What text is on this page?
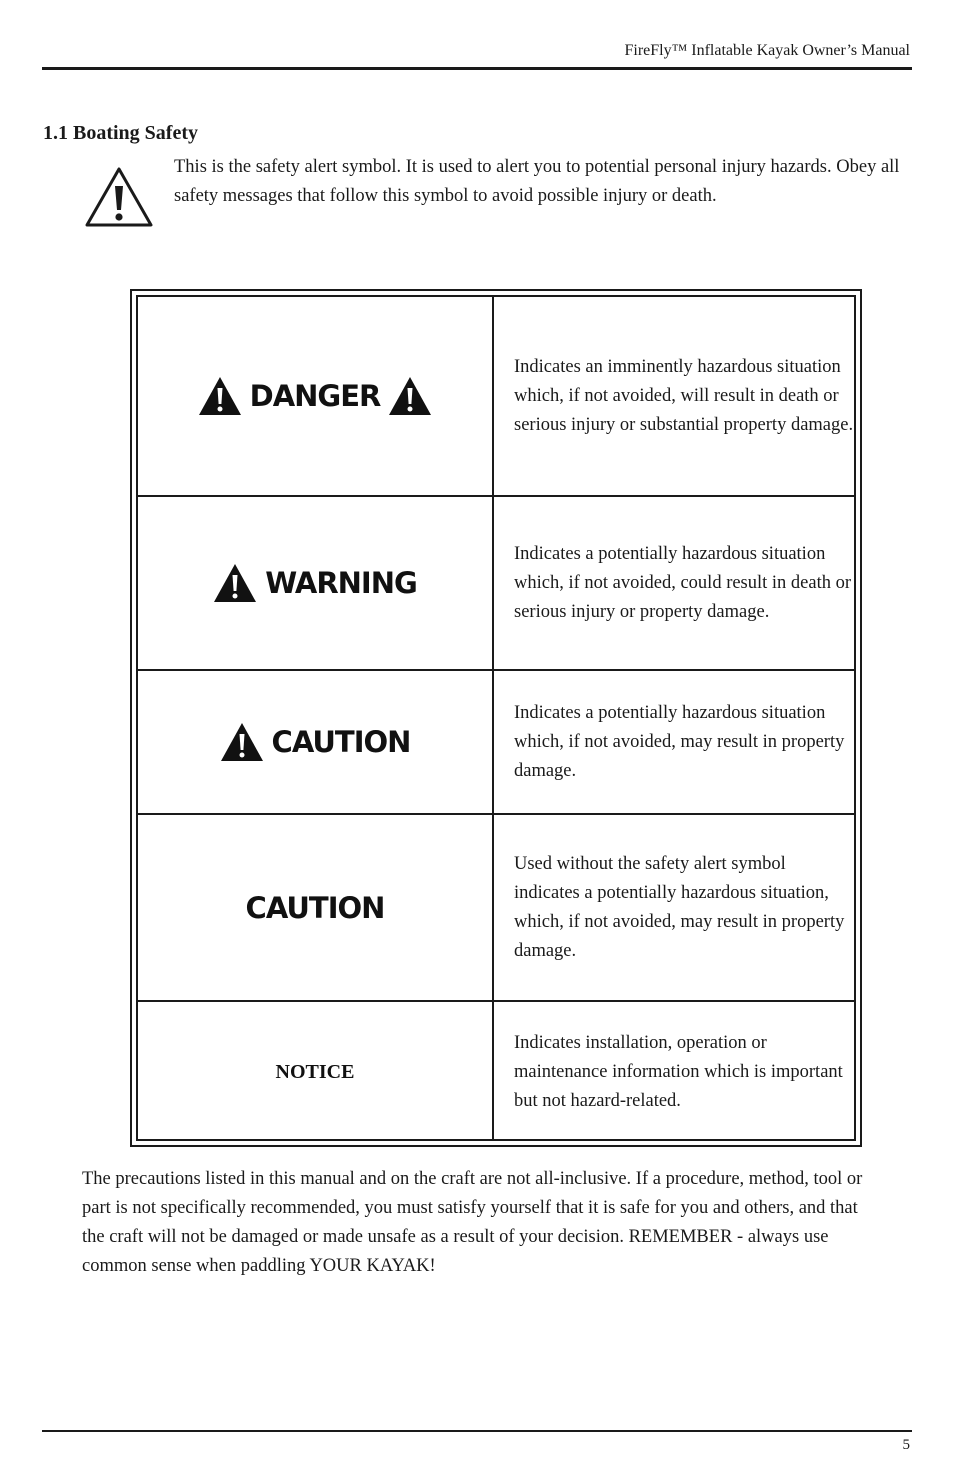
FireFly™ Inflatable Kayak Owner’s Manual
1.1 Boating Safety
This is the safety alert symbol. It is used to alert you to potential personal injury hazards. Obey all safety messages that follow this symbol to avoid possible injury or death.
DANGER
Indicates an imminently hazardous situation which, if not avoided, will result in death or serious injury or substantial property damage.
WARNING
Indicates a potentially hazardous situation which, if not avoided, could result in death or serious injury or property damage.
CAUTION
Indicates a potentially hazardous situation which, if not avoided, may result in property damage.
CAUTION
Used without the safety alert symbol indicates a potentially hazardous situation, which, if not avoided, may result in property damage.
NOTICE
Indicates installation, operation or maintenance information which is important but not hazard-related.
The precautions listed in this manual and on the craft are not all-inclusive. If a procedure, method, tool or part is not specifically recommended, you must satisfy yourself that it is safe for you and others, and that the craft will not be damaged or made unsafe as a result of your decision. REMEMBER - always use common sense when paddling YOUR KAYAK!
5
